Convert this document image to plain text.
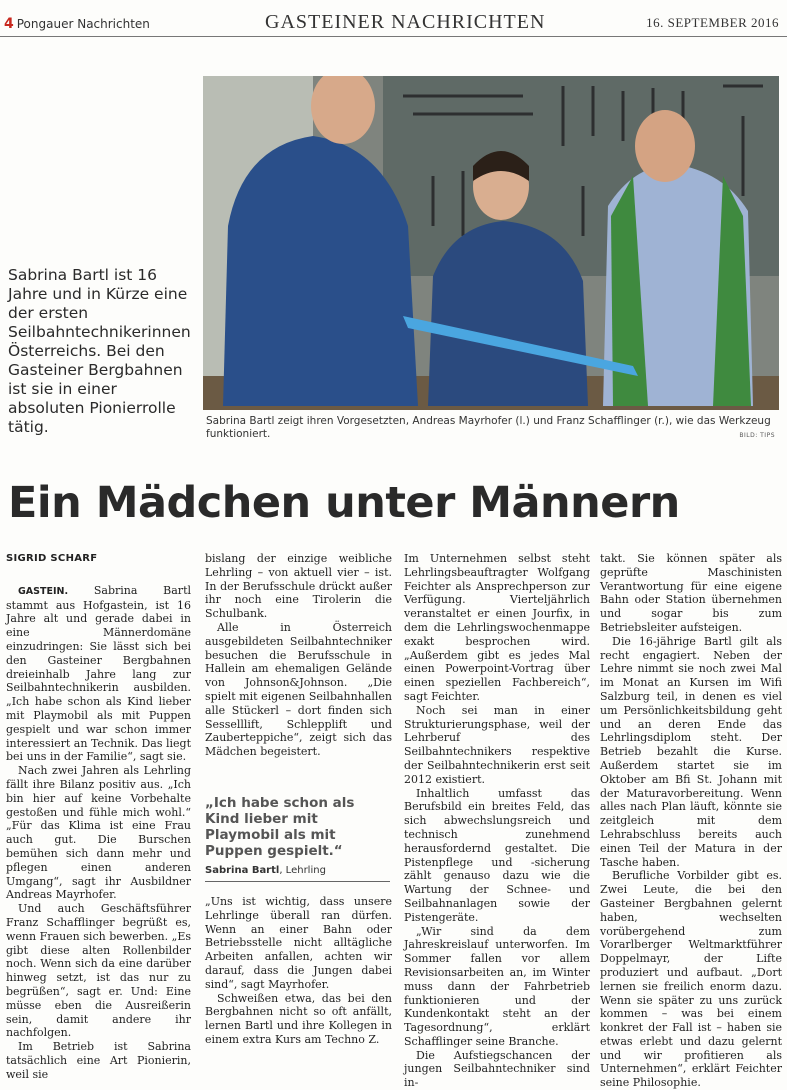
4 Pongauer Nachrichten	GASTEINER NACHRICHTEN	16. SEPTEMBER 2016
Sabrina Bartl ist 16 Jahre und in Kürze eine der ersten Seilbahntechnikerinnen Österreichs. Bei den Gasteiner Bergbahnen ist sie in einer absoluten Pionierrolle tätig.	Sabrina Bartl zeigt ihren Vorgesetzten, Andreas Mayrhofer (l.) und Franz Schafflinger (r.), wie das Werkzeug funktioniert.	BILD: TIPS
Ein Mädchen unter Männern

SIGRID SCHARF

GASTEIN. Sabrina Bartl stammt aus Hofgastein, ist 16 Jahre alt und gerade dabei in eine Männerdomäne einzudringen: Sie lässt sich bei den Gasteiner Bergbahnen dreieinhalb Jahre lang zur Seilbahntechnikerin ausbilden. „Ich habe schon als Kind lieber mit Playmobil als mit Puppen gespielt und war schon immer interessiert an Technik. Das liegt bei uns in der Familie“, sagt sie.

Nach zwei Jahren als Lehrling fällt ihre Bilanz positiv aus. „Ich bin hier auf keine Vorbehalte gestoßen und fühle mich wohl.“ „Für das Klima ist eine Frau auch gut. Die Burschen bemühen sich dann mehr und pflegen einen anderen Umgang“, sagt ihr Ausbildner Andreas Mayrhofer.

Und auch Geschäftsführer Franz Schafflinger begrüßt es, wenn Frauen sich bewerben. „Es gibt diese alten Rollenbilder noch. Wenn sich da eine darüber hinweg setzt, ist das nur zu begrüßen“, sagt er. Und: Eine müsse eben die Ausreißerin sein, damit andere ihr nachfolgen.

Im Betrieb ist Sabrina tatsächlich eine Art Pionierin, weil sie

bislang der einzige weibliche Lehrling – von aktuell vier – ist. In der Berufsschule drückt außer ihr noch eine Tirolerin die Schulbank.

Alle in Österreich ausgebildeten Seilbahntechniker besuchen die Berufsschule in Hallein am ehemaligen Gelände von Johnson&Johnson. „Die spielt mit eigenen Seilbahnhallen alle Stückerl – dort finden sich Sesselllift, Schlepplift und Zauberteppiche“, zeigt sich das Mädchen begeistert.

„Ich habe schon als Kind lieber mit Playmobil als mit Puppen gespielt.“
Sabrina Bartl, Lehrling

„Uns ist wichtig, dass unsere Lehrlinge überall ran dürfen. Wenn an einer Bahn oder Betriebsstelle nicht alltägliche Arbeiten anfallen, achten wir darauf, dass die Jungen dabei sind“, sagt Mayrhofer.

Schweißen etwa, das bei den Bergbahnen nicht so oft anfällt, lernen Bartl und ihre Kollegen in einem extra Kurs am Techno Z.

Im Unternehmen selbst steht Lehrlingsbeauftragter Wolfgang Feichter als Ansprechperson zur Verfügung. Vierteljährlich veranstaltet er einen Jourfix, in dem die Lehrlingswochenmappe exakt besprochen wird. „Außerdem gibt es jedes Mal einen Powerpoint-Vortrag über einen speziellen Fachbereich“, sagt Feichter.

Noch sei man in einer Strukturierungsphase, weil der Lehrberuf des Seilbahntechnikers respektive der Seilbahntechnikerin erst seit 2012 existiert.

Inhaltlich umfasst das Berufsbild ein breites Feld, das sich abwechslungsreich und technisch zunehmend herausfordernd gestaltet. Die Pistenpflege und -sicherung zählt genauso dazu wie die Wartung der Schnee- und Seilbahnanlagen sowie der Pistengeräte.

„Wir sind da dem Jahreskreislauf unterworfen. Im Sommer fallen vor allem Revisionsarbeiten an, im Winter muss dann der Fahrbetrieb funktionieren und der Kundenkontakt steht an der Tagesordnung“, erklärt Schafflinger seine Branche.

Die Aufstiegschancen der jungen Seilbahntechniker sind in-

takt. Sie können später als geprüfte Maschinisten Verantwortung für eine eigene Bahn oder Station übernehmen und sogar bis zum Betriebsleiter aufsteigen.

Die 16-jährige Bartl gilt als recht engagiert. Neben der Lehre nimmt sie noch zwei Mal im Monat an Kursen im Wifi Salzburg teil, in denen es viel um Persönlichkeitsbildung geht und an deren Ende das Lehrlingsdiplom steht. Der Betrieb bezahlt die Kurse. Außerdem startet sie im Oktober am Bfi St. Johann mit der Maturavorbereitung. Wenn alles nach Plan läuft, könnte sie zeitgleich mit dem Lehrabschluss bereits auch einen Teil der Matura in der Tasche haben.

Berufliche Vorbilder gibt es. Zwei Leute, die bei den Gasteiner Bergbahnen gelernt haben, wechselten vorübergehend zum Vorarlberger Weltmarktführer Doppelmayr, der Lifte produziert und aufbaut. „Dort lernen sie freilich enorm dazu. Wenn sie später zu uns zurück kommen – was bei einem konkret der Fall ist – haben sie etwas erlebt und dazu gelernt und wir profitieren als Unternehmen“, erklärt Feichter seine Philosophie.
